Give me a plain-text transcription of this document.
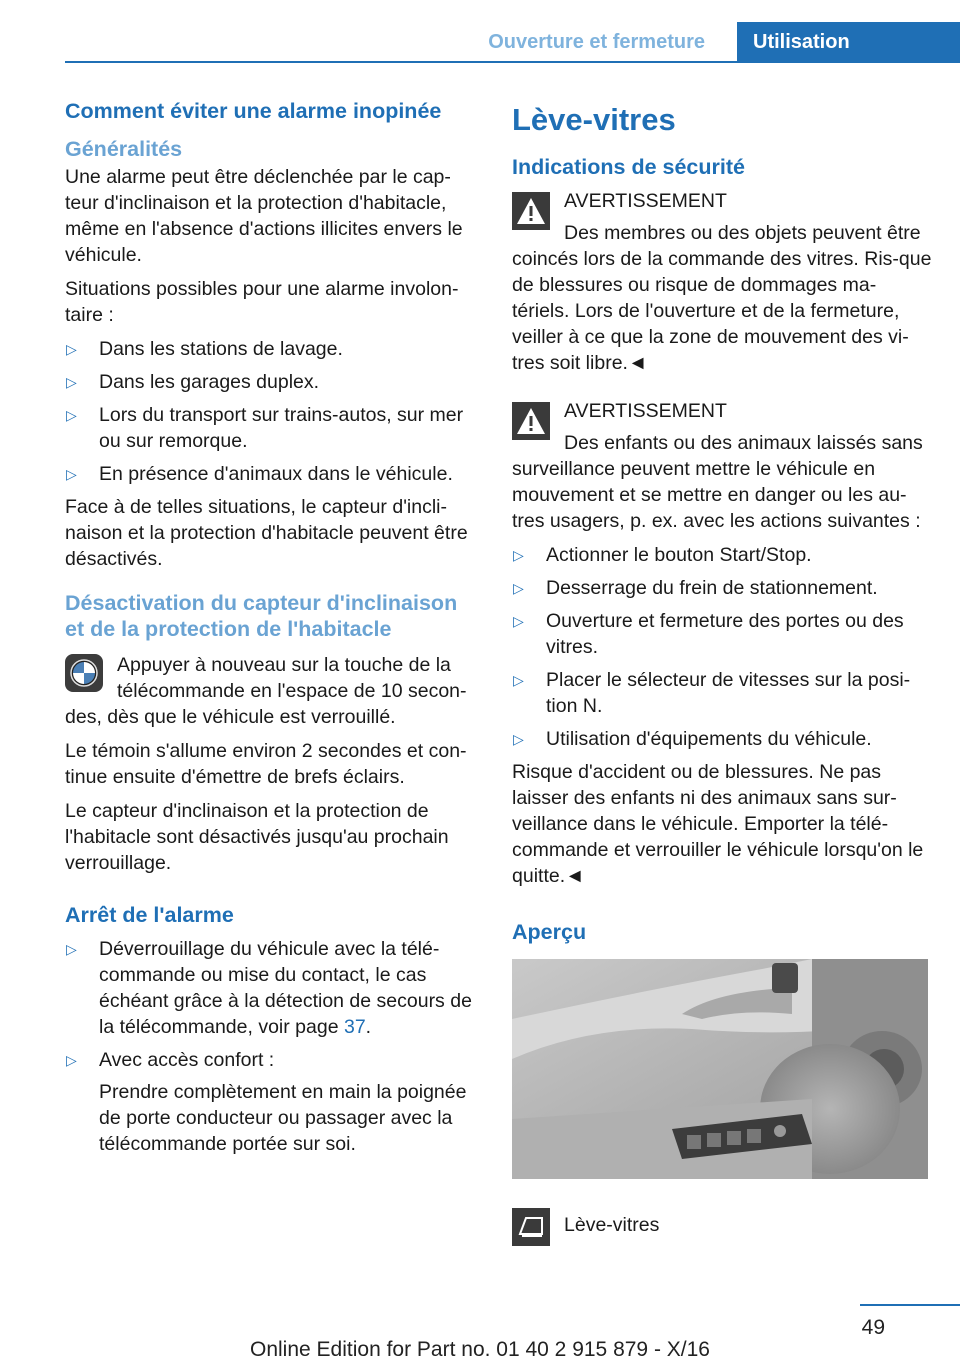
Ouverture et fermeture	Utilisation
Comment éviter une alarme inopinée
Généralités

Une alarme peut être déclenchée par le cap-teur d'inclinaison et la protection d'habitacle, même en l'absence d'actions illicites envers le véhicule.

Situations possibles pour une alarme involon-taire :

▷ Dans les stations de lavage.
▷ Dans les garages duplex.
▷ Lors du transport sur trains-autos, sur mer ou sur remorque.
▷ En présence d'animaux dans le véhicule.

Face à de telles situations, le capteur d'incli-naison et la protection d'habitacle peuvent être désactivés.

Désactivation du capteur d'inclinaison et de la protection de l'habitacle

Appuyer à nouveau sur la touche de la télécommande en l'espace de 10 secon-des, dès que le véhicule est verrouillé.

Le témoin s'allume environ 2 secondes et con-tinue ensuite d'émettre de brefs éclairs.

Le capteur d'inclinaison et la protection de l'habitacle sont désactivés jusqu'au prochain verrouillage.

Arrêt de l'alarme
▷ Déverrouillage du véhicule avec la télé-commande ou mise du contact, le cas échéant grâce à la détection de secours de la télécommande, voir page 37.
▷ Avec accès confort :
Prendre complètement en main la poignée de porte conducteur ou passager avec la télécommande portée sur soi.
Lève-vitres
Indications de sécurité
AVERTISSEMENT

Des membres ou des objets peuvent être coincés lors de la commande des vitres. Ris-que de blessures ou risque de dommages ma-tériels. Lors de l'ouverture et de la fermeture, veiller à ce que la zone de mouvement des vi-tres soit libre.◄

AVERTISSEMENT

Des enfants ou des animaux laissés sans surveillance peuvent mettre le véhicule en mouvement et se mettre en danger ou les au-tres usagers, p. ex. avec les actions suivantes :

▷ Actionner le bouton Start/Stop.
▷ Desserrage du frein de stationnement.
▷ Ouverture et fermeture des portes ou des vitres.
▷ Placer le sélecteur de vitesses sur la posi-tion N.
▷ Utilisation d'équipements du véhicule.

Risque d'accident ou de blessures. Ne pas laisser des enfants ni des animaux sans sur-veillance dans le véhicule. Emporter la télé-commande et verrouiller le véhicule lorsqu'on le quitte.◄

Aperçu
Lève-vitres
49
Online Edition for Part no. 01 40 2 915 879 - X/16
